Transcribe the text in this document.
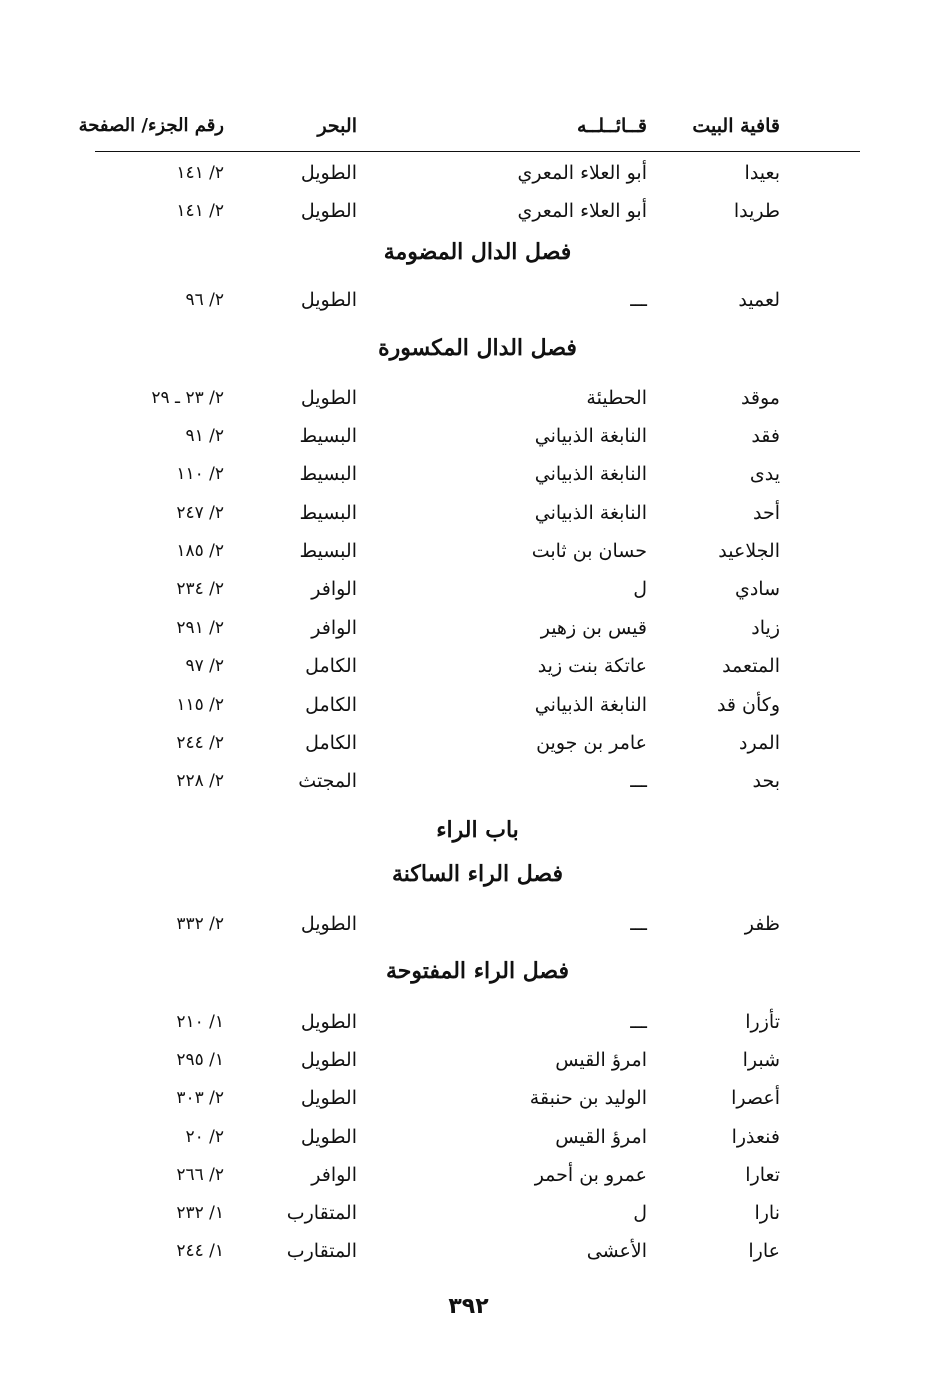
قافية البيت
قــائــلــه
البحر
رقم الجزء/ الصفحة
بعيدا
أبو العلاء المعري
الطويل
٢/ ١٤١
طريدا
أبو العلاء المعري
الطويل
٢/ ١٤١
فصل الدال المضومة
لعميد
ـــ
الطويل
٢/ ٩٦
فصل الدال المكسورة
موقد
الحطيئة
الطويل
٢/ ٢٣ ـ ٢٩
فقد
النابغة الذبياني
البسيط
٢/ ٩١
يدى
النابغة الذبياني
البسيط
٢/ ١١٠
أحد
النابغة الذبياني
البسيط
٢/ ٢٤٧
الجلاعيد
حسان بن ثابت
البسيط
٢/ ١٨٥
سادي
ل
الوافر
٢/ ٢٣٤
زياد
قيس بن زهير
الوافر
٢/ ٢٩١
المتعمد
عاتكة بنت زيد
الكامل
٢/ ٩٧
وكأن قد
النابغة الذبياني
الكامل
٢/ ١١٥
المرد
عامر بن جوين
الكامل
٢/ ٢٤٤
بحد
ـــ
المجتث
٢/ ٢٢٨
باب الراء
فصل الراء الساكنة
ظفر
ـــ
الطويل
٢/ ٣٣٢
فصل الراء المفتوحة
تأزرا
ـــ
الطويل
١/ ٢١٠
شبرا
امرؤ القيس
الطويل
١/ ٢٩٥
أعصرا
الوليد بن حنبقة
الطويل
٢/ ٣٠٣
فنعذرا
امرؤ القيس
الطويل
٢/ ٢٠
تعارا
عمرو بن أحمر
الوافر
٢/ ٢٦٦
نارا
ل
المتقارب
١/ ٢٣٢
عارا
الأعشى
المتقارب
١/ ٢٤٤
٣٩٢
